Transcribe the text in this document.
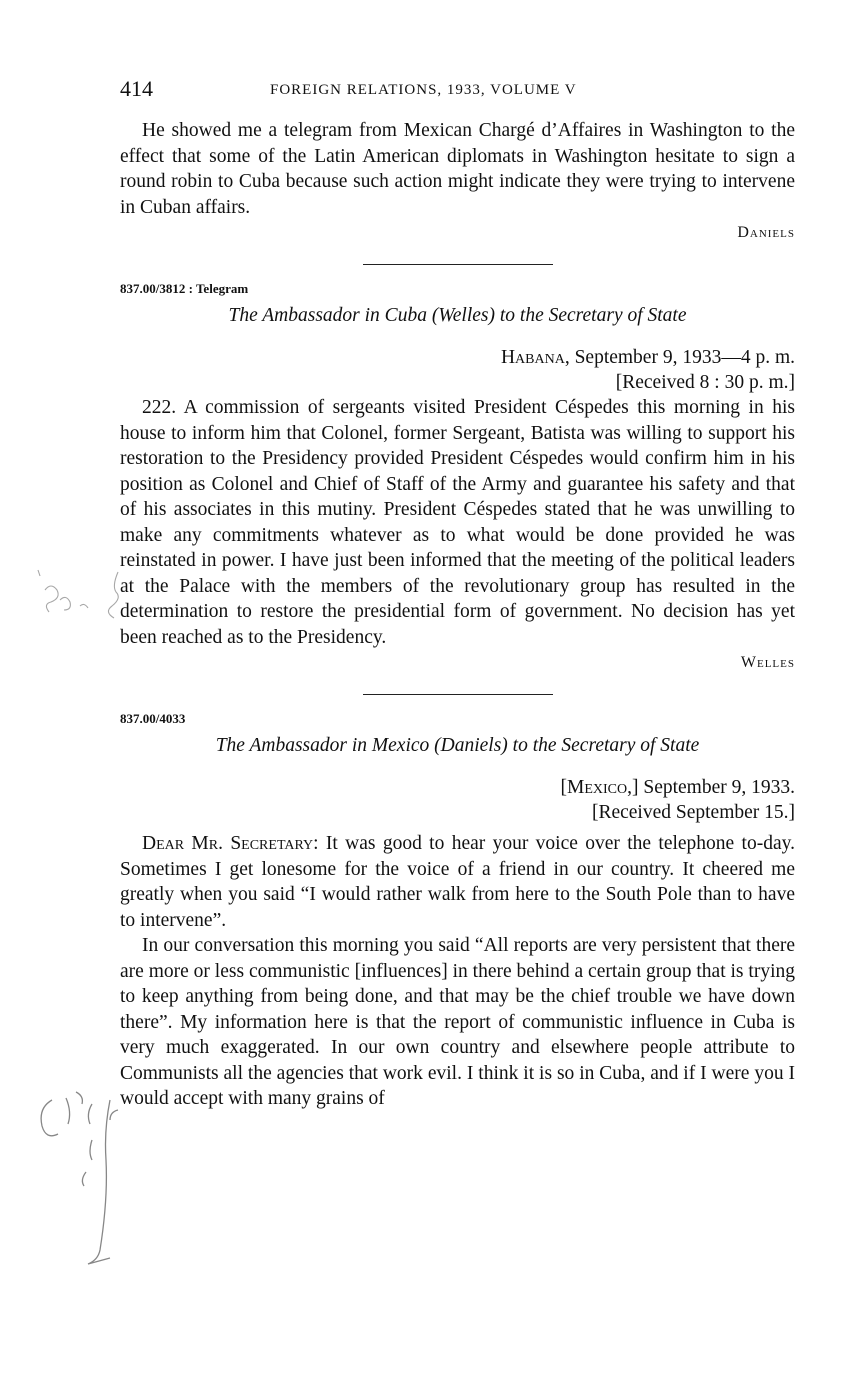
414	FOREIGN RELATIONS, 1933, VOLUME V

He showed me a telegram from Mexican Chargé d’Affaires in Washington to the effect that some of the Latin American diplomats in Washington hesitate to sign a round robin to Cuba because such action might indicate they were trying to intervene in Cuban affairs.

Daniels
837.00/3812 : Telegram
The Ambassador in Cuba (Welles) to the Secretary of State
Habana, September 9, 1933—4 p. m.
[Received 8 : 30 p. m.]

222. A commission of sergeants visited President Céspedes this morning in his house to inform him that Colonel, former Sergeant, Batista was willing to support his restoration to the Presidency provided President Céspedes would confirm him in his position as Colonel and Chief of Staff of the Army and guarantee his safety and that of his associates in this mutiny. President Céspedes stated that he was unwilling to make any commitments whatever as to what would be done provided he was reinstated in power. I have just been informed that the meeting of the political leaders at the Palace with the members of the revolutionary group has resulted in the determination to restore the presidential form of government. No decision has yet been reached as to the Presidency.

Welles
837.00/4033
The Ambassador in Mexico (Daniels) to the Secretary of State
[Mexico,] September 9, 1933.
[Received September 15.]

Dear Mr. Secretary: It was good to hear your voice over the telephone to-day. Sometimes I get lonesome for the voice of a friend in our country. It cheered me greatly when you said “I would rather walk from here to the South Pole than to have to intervene”.

In our conversation this morning you said “All reports are very persistent that there are more or less communistic [influences] in there behind a certain group that is trying to keep anything from being done, and that may be the chief trouble we have down there”. My information here is that the report of communistic influence in Cuba is very much exaggerated. In our own country and elsewhere people attribute to Communists all the agencies that work evil. I think it is so in Cuba, and if I were you I would accept with many grains of
